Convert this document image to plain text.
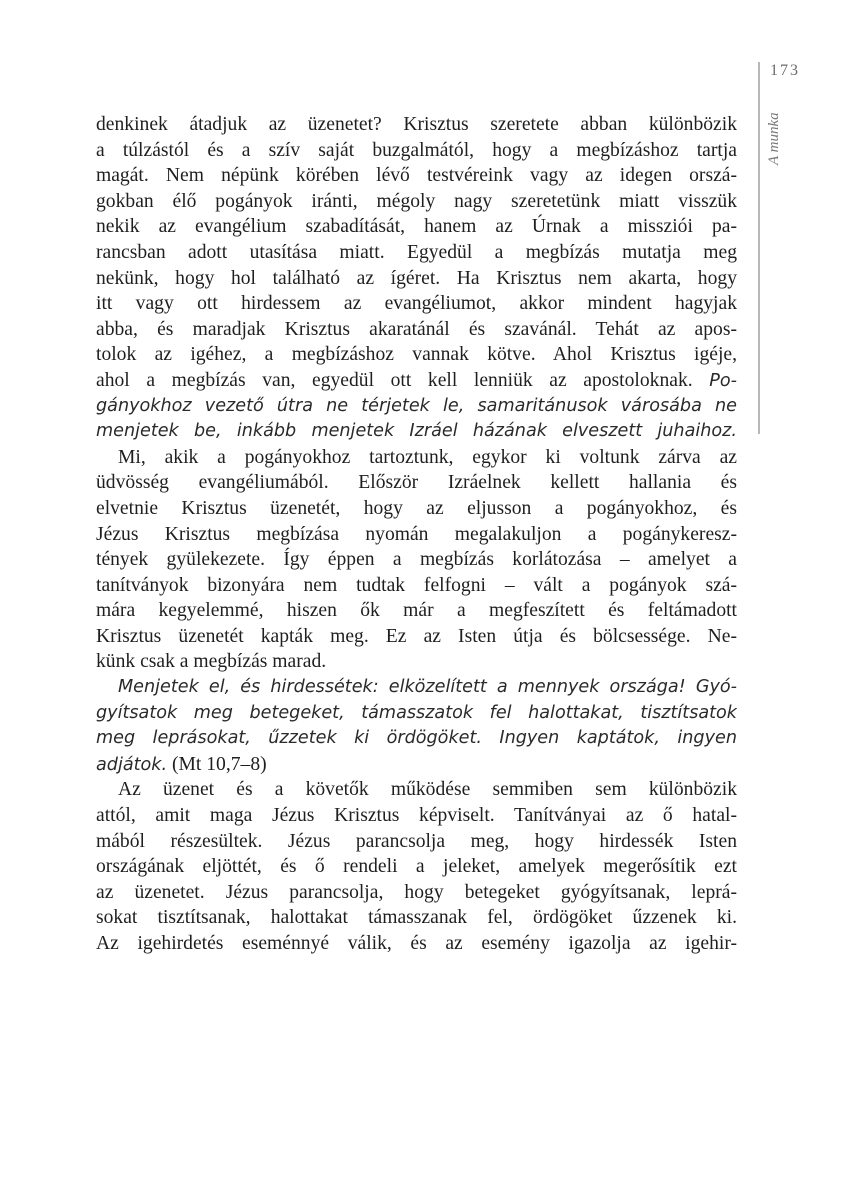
173
A munka
denkinek átadjuk az üzenetet? Krisztus szeretete abban különbözik
a túlzástól és a szív saját buzgalmától, hogy a megbízáshoz tartja
magát. Nem népünk körében lévő testvéreink vagy az idegen orszá-
gokban élő pogányok iránti, mégoly nagy szeretetünk miatt visszük
nekik az evangélium szabadítását, hanem az Úrnak a missziói pa-
rancsban adott utasítása miatt. Egyedül a megbízás mutatja meg
nekünk, hogy hol található az ígéret. Ha Krisztus nem akarta, hogy
itt vagy ott hirdessem az evangéliumot, akkor mindent hagyjak
abba, és maradjak Krisztus akaratánál és szavánál. Tehát az apos-
tolok az igéhez, a megbízáshoz vannak kötve. Ahol Krisztus igéje,
ahol a megbízás van, egyedül ott kell lenniük az apostoloknak. Po-
gányokhoz vezető útra ne térjetek le, samaritánusok városába ne
menjetek be, inkább menjetek Izráel házának elveszett juhaihoz.
Mi, akik a pogányokhoz tartoztunk, egykor ki voltunk zárva az
üdvösség evangéliumából. Először Izráelnek kellett hallania és
elvetnie Krisztus üzenetét, hogy az eljusson a pogányokhoz, és
Jézus Krisztus megbízása nyomán megalakuljon a pogánykeresz-
tények gyülekezete. Így éppen a megbízás korlátozása – amelyet a
tanítványok bizonyára nem tudtak felfogni – vált a pogányok szá-
mára kegyelemmé, hiszen ők már a megfeszített és feltámadott
Krisztus üzenetét kapták meg. Ez az Isten útja és bölcsessége. Ne-
künk csak a megbízás marad.
Menjetek el, és hirdessétek: elközelített a mennyek országa! Gyó-
gyítsatok meg betegeket, támasszatok fel halottakat, tisztítsatok
meg leprásokat, űzzetek ki ördögöket. Ingyen kaptátok, ingyen
adjátok. (Mt 10,7–8)
Az üzenet és a követők működése semmiben sem különbözik
attól, amit maga Jézus Krisztus képviselt. Tanítványai az ő hatal-
mából részesültek. Jézus parancsolja meg, hogy hirdessék Isten
országának eljöttét, és ő rendeli a jeleket, amelyek megerősítik ezt
az üzenetet. Jézus parancsolja, hogy betegeket gyógyítsanak, leprá-
sokat tisztítsanak, halottakat támasszanak fel, ördögöket űzzenek ki.
Az igehirdetés eseménnyé válik, és az esemény igazolja az igehir-
